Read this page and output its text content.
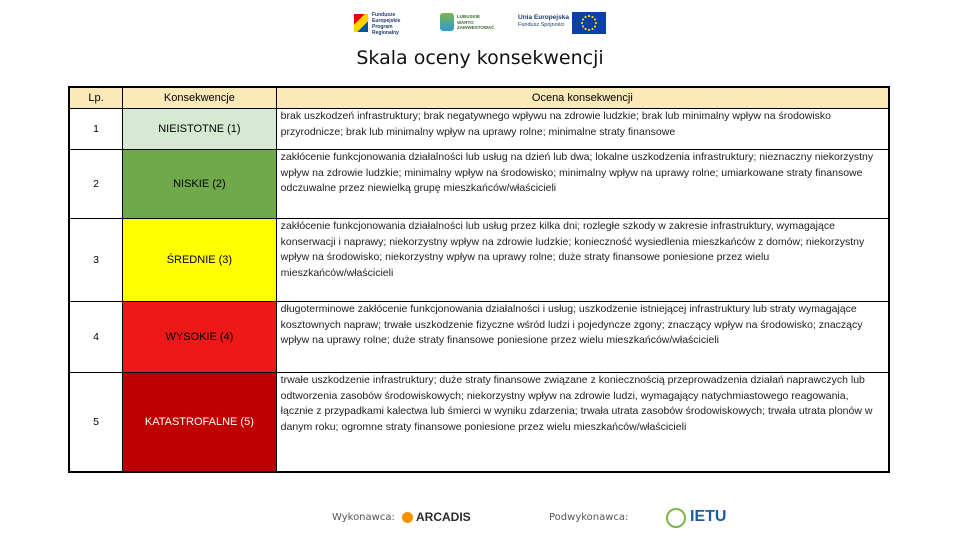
Fundusze Europejskie Program Regionalny
LUBUSKIE WARTO ZAINWESTOWAĆ
Unia Europejska
Fundusz Spójności
Skala oceny konsekwencji
Lp.	Konsekwencje	Ocena konsekwencji
1	NIEISTOTNE (1)	brak uszkodzeń infrastruktury; brak negatywnego wpływu na zdrowie ludzkie; brak lub minimalny wpływ na środowisko przyrodnicze; brak lub minimalny wpływ na uprawy rolne; minimalne straty finansowe
2	NISKIE (2)	zakłócenie funkcjonowania działalności lub usług na dzień lub dwa; lokalne uszkodzenia infrastruktury; nieznaczny niekorzystny wpływ na zdrowie ludzkie; minimalny wpływ na środowisko; minimalny wpływ na uprawy rolne; umiarkowane straty finansowe odczuwalne przez niewielką grupę mieszkańców/właścicieli
3	ŚREDNIE (3)	zakłócenie funkcjonowania działalności lub usług przez kilka dni; rozległe szkody w zakresie infrastruktury, wymagające konserwacji i naprawy; niekorzystny wpływ na zdrowie ludzkie; konieczność wysiedlenia mieszkańców z domów; niekorzystny wpływ na środowisko; niekorzystny wpływ na uprawy rolne; duże straty finansowe poniesione przez wielu mieszkańców/właścicieli
4	WYSOKIE (4)	długoterminowe zakłócenie funkcjonowania działalności i usług; uszkodzenie istniejącej infrastruktury lub straty wymagające kosztownych napraw; trwałe uszkodzenie fizyczne wśród ludzi i pojedyncze zgony; znaczący wpływ na środowisko; znaczący wpływ na uprawy rolne; duże straty finansowe poniesione przez wielu mieszkańców/właścicieli
5	KATASTROFALNE (5)	trwałe uszkodzenie infrastruktury; duże straty finansowe związane z koniecznością przeprowadzenia działań naprawczych lub odtworzenia zasobów środowiskowych; niekorzystny wpływ na zdrowie ludzi, wymagający natychmiastowego reagowania, łącznie z przypadkami kalectwa lub śmierci w wyniku zdarzenia; trwała utrata zasobów środowiskowych; trwała utrata plonów w danym roku; ogromne straty finansowe poniesione przez wielu mieszkańców/właścicieli
Wykonawca: ARCADIS	Podwykonawca:	IETU
